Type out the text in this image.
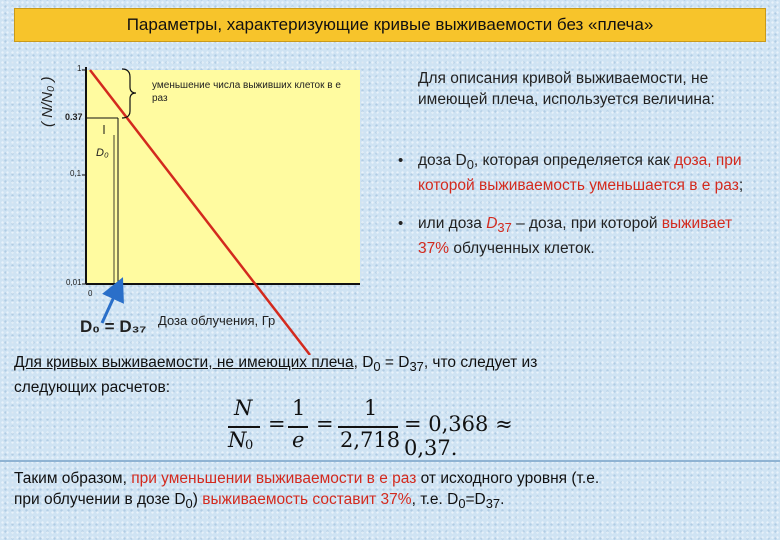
Параметры, характеризующие кривые выживаемости без «плеча»
( N/N₀ )
1
0.37
0,1
0,01
0
уменьшение числа выживших клеток в e раз
D₀
D₀ = D₃₇ Доза облучения, Гр
Для описания кривой выживаемости, не имеющей плеча, используется величина:
• доза $D_0$, которая определяется как доза, при которой выживаемость уменьшается в e раз;
• или доза $D_{37}$ – доза, при которой выживает 37% облученных клеток.
Для кривых выживаемости, не имеющих плеча, $D_0 = D_{37}$, что следует из
следующих расчетов:
N
N
0
=
1
e
=
1
2,718
= 0,368 ≈ 0,37.
Таким образом, при уменьшении выживаемости в е раз от исходного уровня (т.е.
при облучении в дозе $D_0$) выживаемость составит 37%, т.е. $D_0=D_{37}$.
